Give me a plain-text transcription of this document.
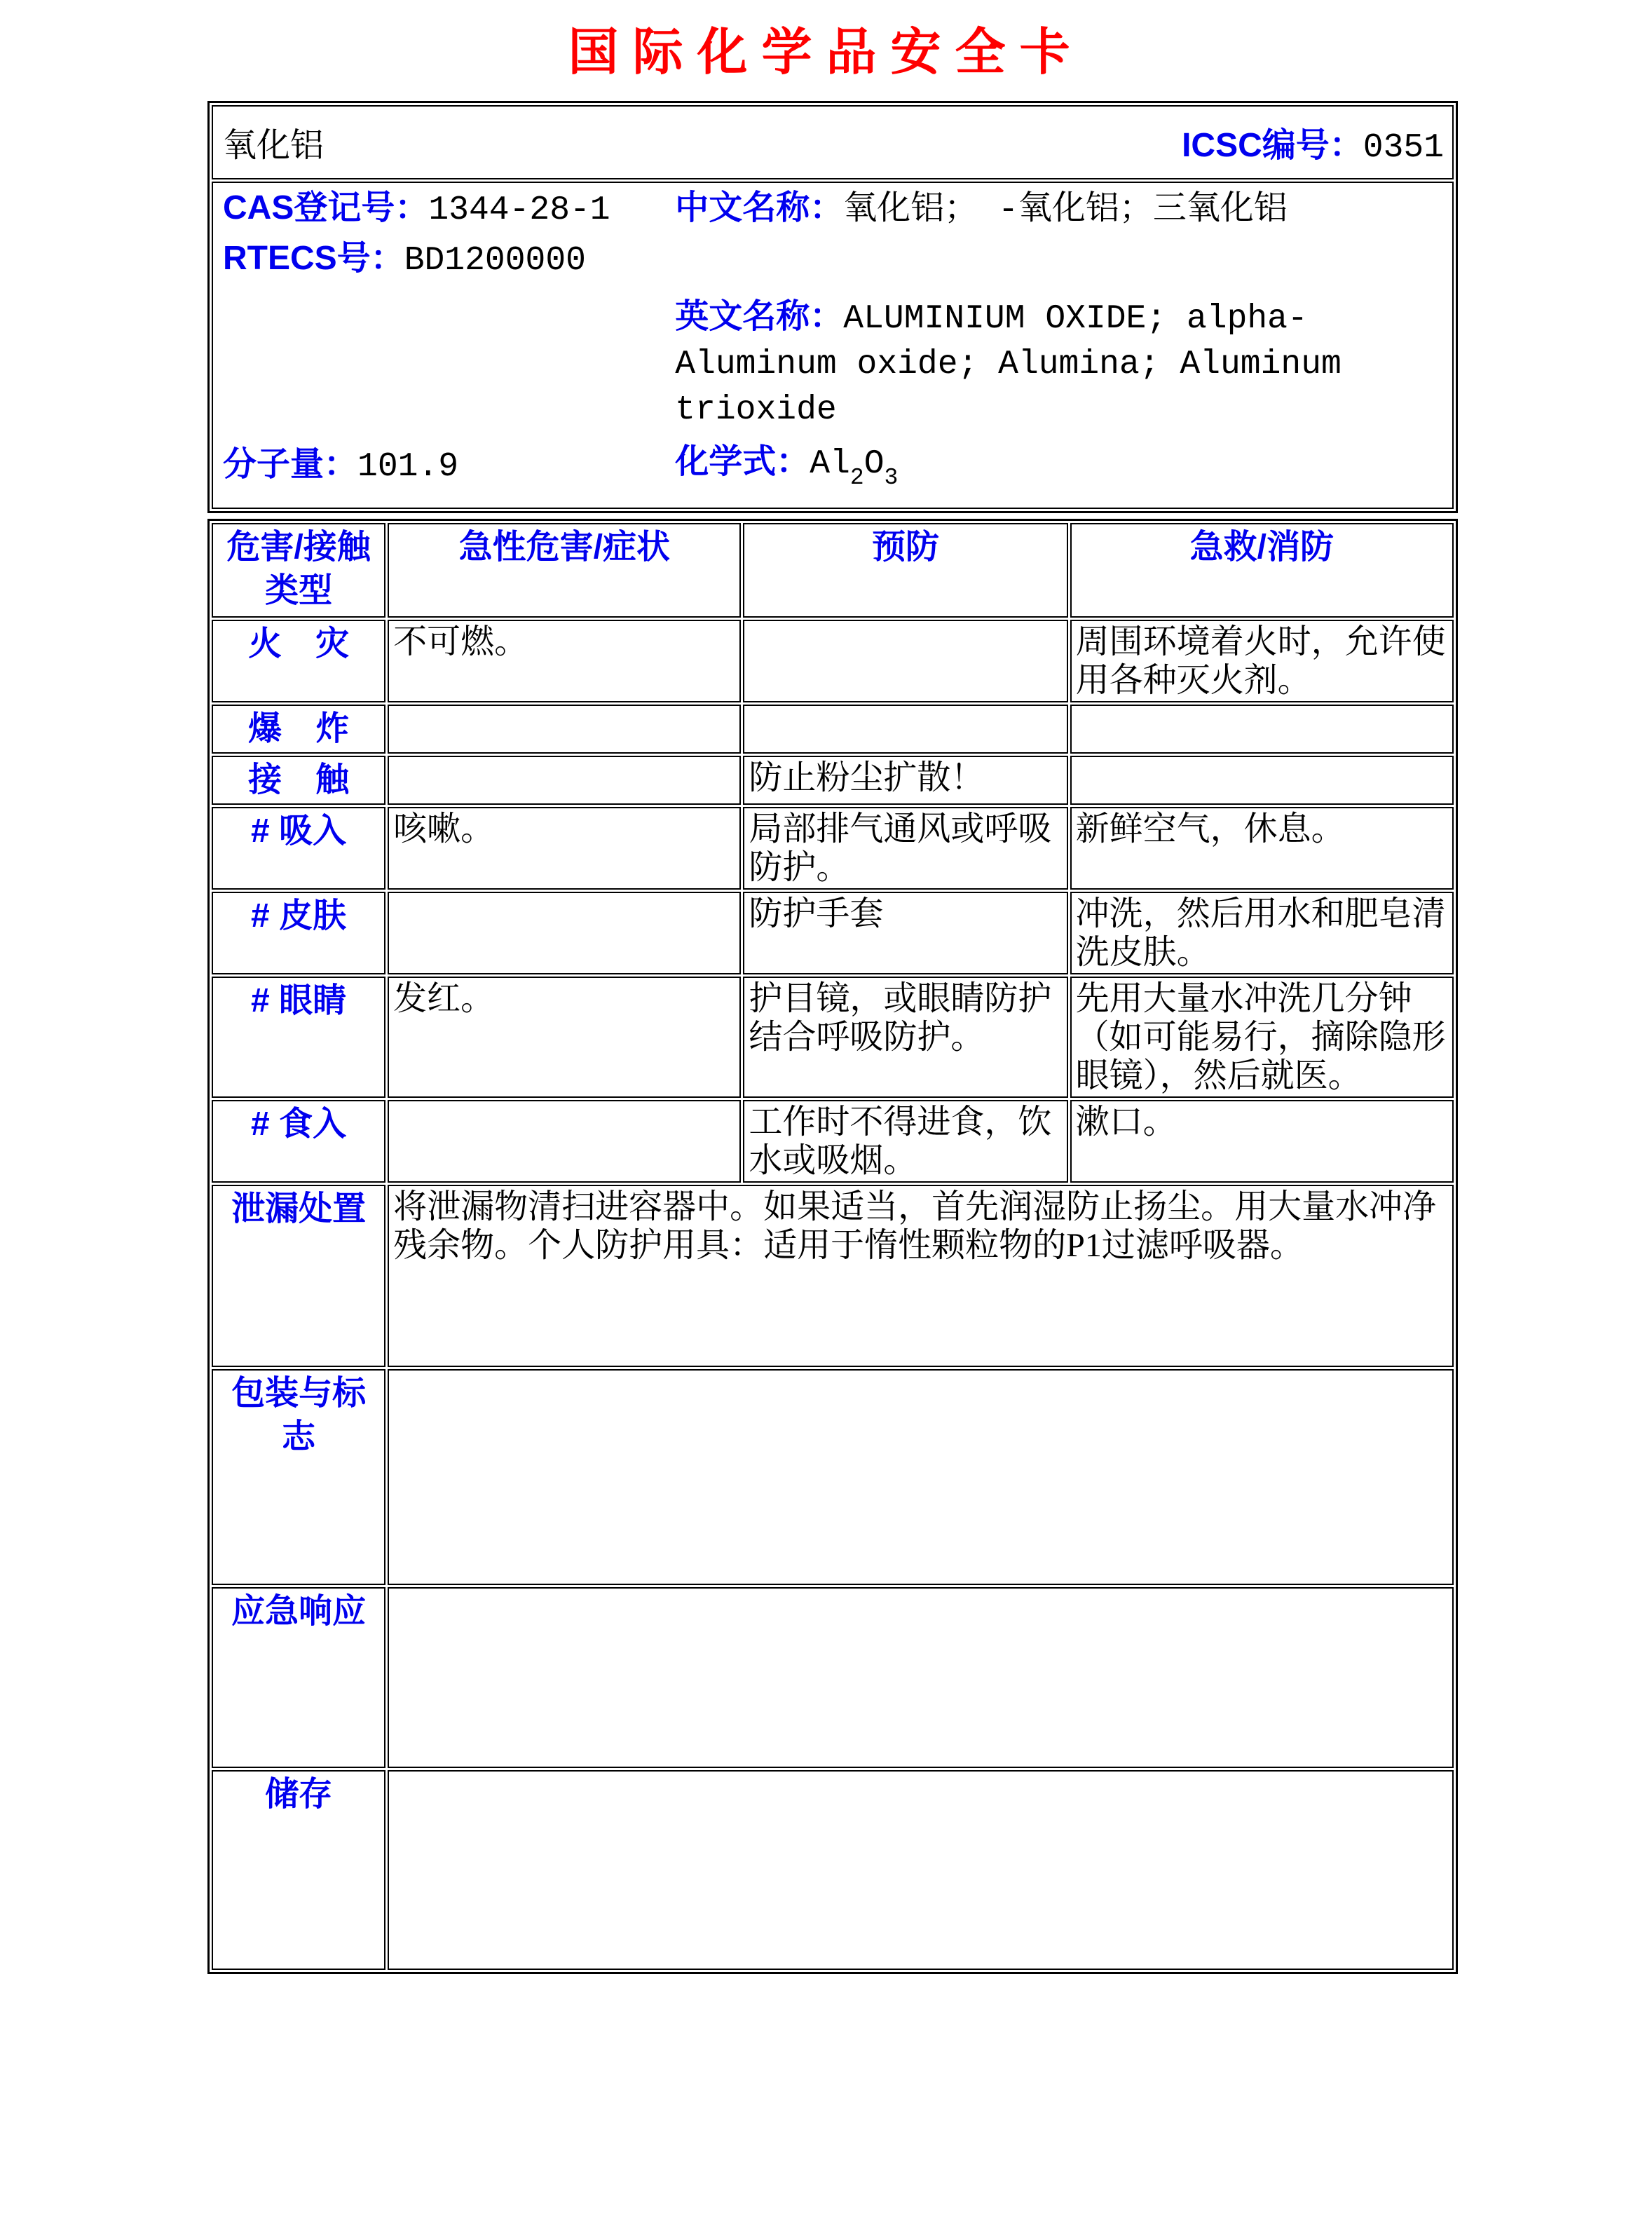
国际化学品安全卡
氧化铝	ICSC编号：0351

CAS登记号：1344-28-1	中文名称：氧化铝； -氧化铝；三氧化铝
RTECS号：BD1200000
英文名称：ALUMINIUM OXIDE; alpha-Aluminum oxide; Alumina; Aluminum trioxide
分子量：101.9	化学式：$Al_2O_3$
危害/接触类型	急性危害/症状	预防	急救/消防
火　灾	不可燃。		周围环境着火时，允许使用各种灭火剂。
爆　炸			
接　触		防止粉尘扩散！	
# 吸入	咳嗽。	局部排气通风或呼吸防护。	新鲜空气，休息。
# 皮肤		防护手套	冲洗，然后用水和肥皂清洗皮肤。
# 眼睛	发红。	护目镜，或眼睛防护结合呼吸防护。	先用大量水冲洗几分钟（如可能易行，摘除隐形眼镜），然后就医。
# 食入		工作时不得进食，饮水或吸烟。	漱口。
泄漏处置	将泄漏物清扫进容器中。如果适当，首先润湿防止扬尘。用大量水冲净残余物。个人防护用具：适用于惰性颗粒物的P1过滤呼吸器。		
包装与标志			
应急响应			
储存			
